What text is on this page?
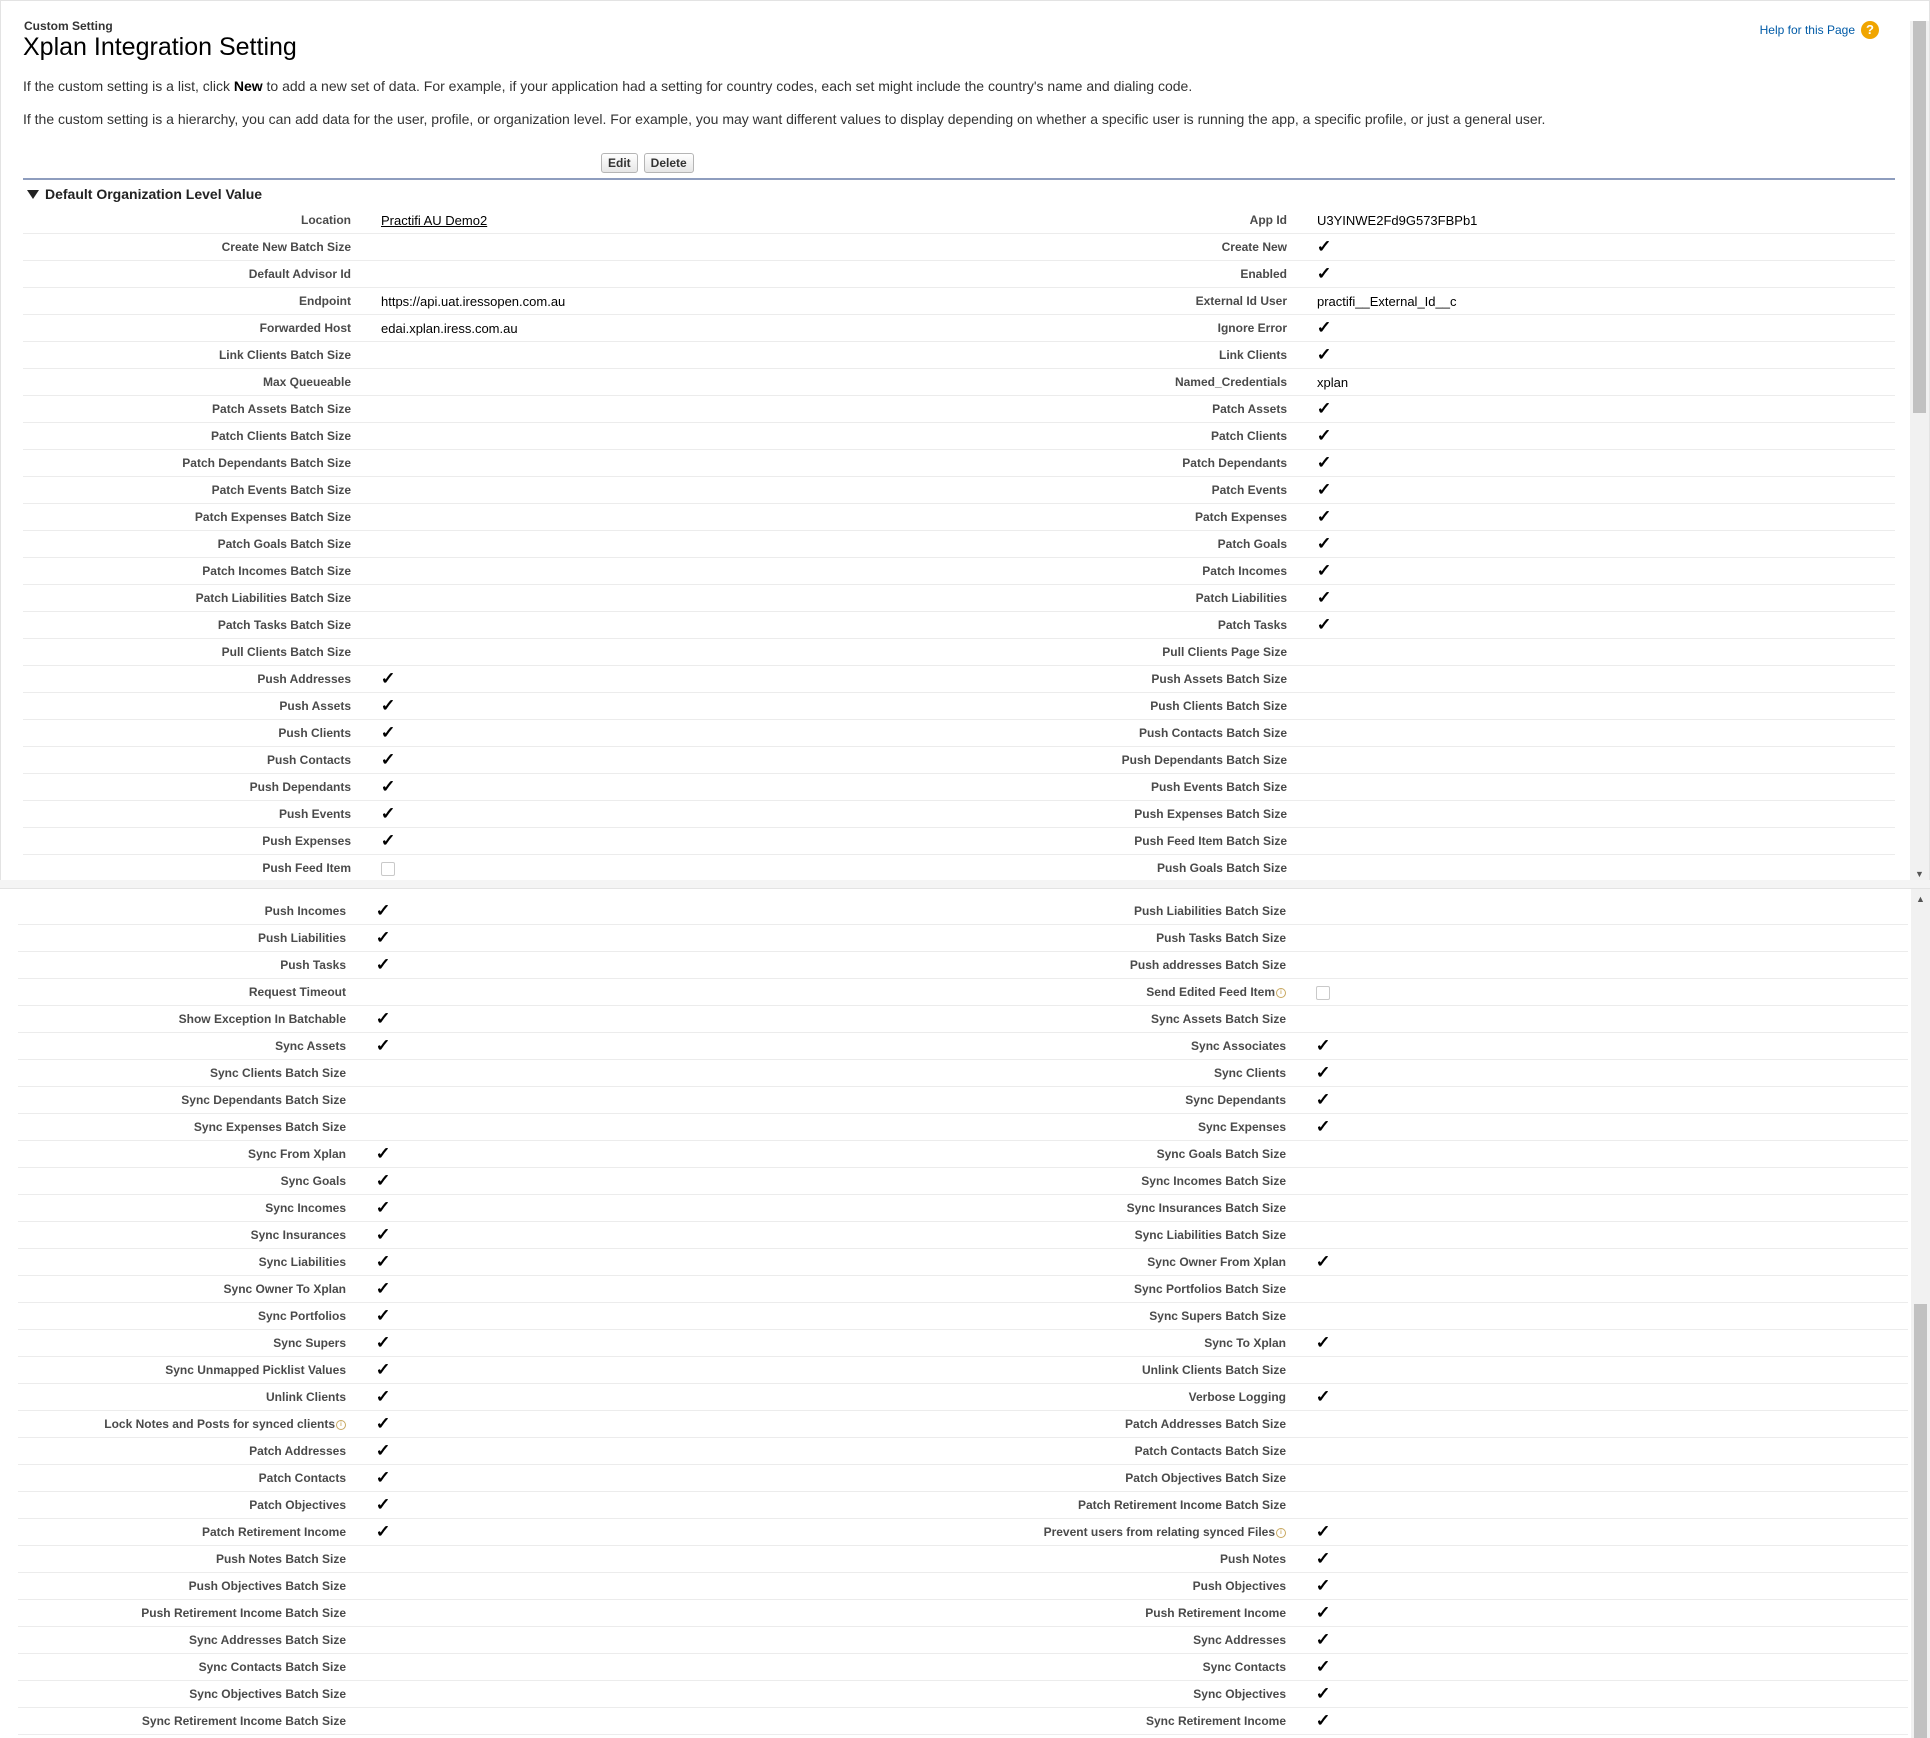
Custom Setting
Xplan Integration Setting
Help for this Page ?
If the custom setting is a list, click New to add a new set of data. For example, if your application had a setting for country codes, each set might include the country's name and dialing code.
If the custom setting is a hierarchy, you can add data for the user, profile, or organization level. For example, you may want different values to display depending on whether a specific user is running the app, a specific profile, or just a general user.
Edit	Delete
Default Organization Level Value
Location	Practifi AU Demo2	App Id	U3YINWE2Fd9G573FBPb1
Create New Batch Size		Create New	✓
Default Advisor Id		Enabled	✓
Endpoint	https://api.uat.iressopen.com.au	External Id User	practifi__External_Id__c
Forwarded Host	edai.xplan.iress.com.au	Ignore Error	✓
Link Clients Batch Size		Link Clients	✓
Max Queueable		Named_Credentials	xplan
Patch Assets Batch Size		Patch Assets	✓
Patch Clients Batch Size		Patch Clients	✓
Patch Dependants Batch Size		Patch Dependants	✓
Patch Events Batch Size		Patch Events	✓
Patch Expenses Batch Size		Patch Expenses	✓
Patch Goals Batch Size		Patch Goals	✓
Patch Incomes Batch Size		Patch Incomes	✓
Patch Liabilities Batch Size		Patch Liabilities	✓
Patch Tasks Batch Size		Patch Tasks	✓
Pull Clients Batch Size		Pull Clients Page Size	
Push Addresses	✓	Push Assets Batch Size	
Push Assets	✓	Push Clients Batch Size	
Push Clients	✓	Push Contacts Batch Size	
Push Contacts	✓	Push Dependants Batch Size	
Push Dependants	✓	Push Events Batch Size	
Push Events	✓	Push Expenses Batch Size	
Push Expenses	✓	Push Feed Item Batch Size	
Push Feed Item		Push Goals Batch Size	
				▼
Push Incomes	✓	Push Liabilities Batch Size	
Push Liabilities	✓	Push Tasks Batch Size	
Push Tasks	✓	Push addresses Batch Size	
Request Timeout		Send Edited Feed Item i	
Show Exception In Batchable	✓	Sync Assets Batch Size	
Sync Assets	✓	Sync Associates	✓
Sync Clients Batch Size		Sync Clients	✓
Sync Dependants Batch Size		Sync Dependants	✓
Sync Expenses Batch Size		Sync Expenses	✓
Sync From Xplan	✓	Sync Goals Batch Size	
Sync Goals	✓	Sync Incomes Batch Size	
Sync Incomes	✓	Sync Insurances Batch Size	
Sync Insurances	✓	Sync Liabilities Batch Size	
Sync Liabilities	✓	Sync Owner From Xplan	✓
Sync Owner To Xplan	✓	Sync Portfolios Batch Size	
Sync Portfolios	✓	Sync Supers Batch Size	
Sync Supers	✓	Sync To Xplan	✓
Sync Unmapped Picklist Values	✓	Unlink Clients Batch Size	
Unlink Clients	✓	Verbose Logging	✓
Lock Notes and Posts for synced clients i	✓	Patch Addresses Batch Size	
Patch Addresses	✓	Patch Contacts Batch Size	
Patch Contacts	✓	Patch Objectives Batch Size	
Patch Objectives	✓	Patch Retirement Income Batch Size	
Patch Retirement Income	✓	Prevent users from relating synced Files i	✓
Push Notes Batch Size		Push Notes	✓
Push Objectives Batch Size		Push Objectives	✓
Push Retirement Income Batch Size		Push Retirement Income	✓
Sync Addresses Batch Size		Sync Addresses	✓
Sync Contacts Batch Size		Sync Contacts	✓
Sync Objectives Batch Size		Sync Objectives	✓
Sync Retirement Income Batch Size		Sync Retirement Income	✓
▲
